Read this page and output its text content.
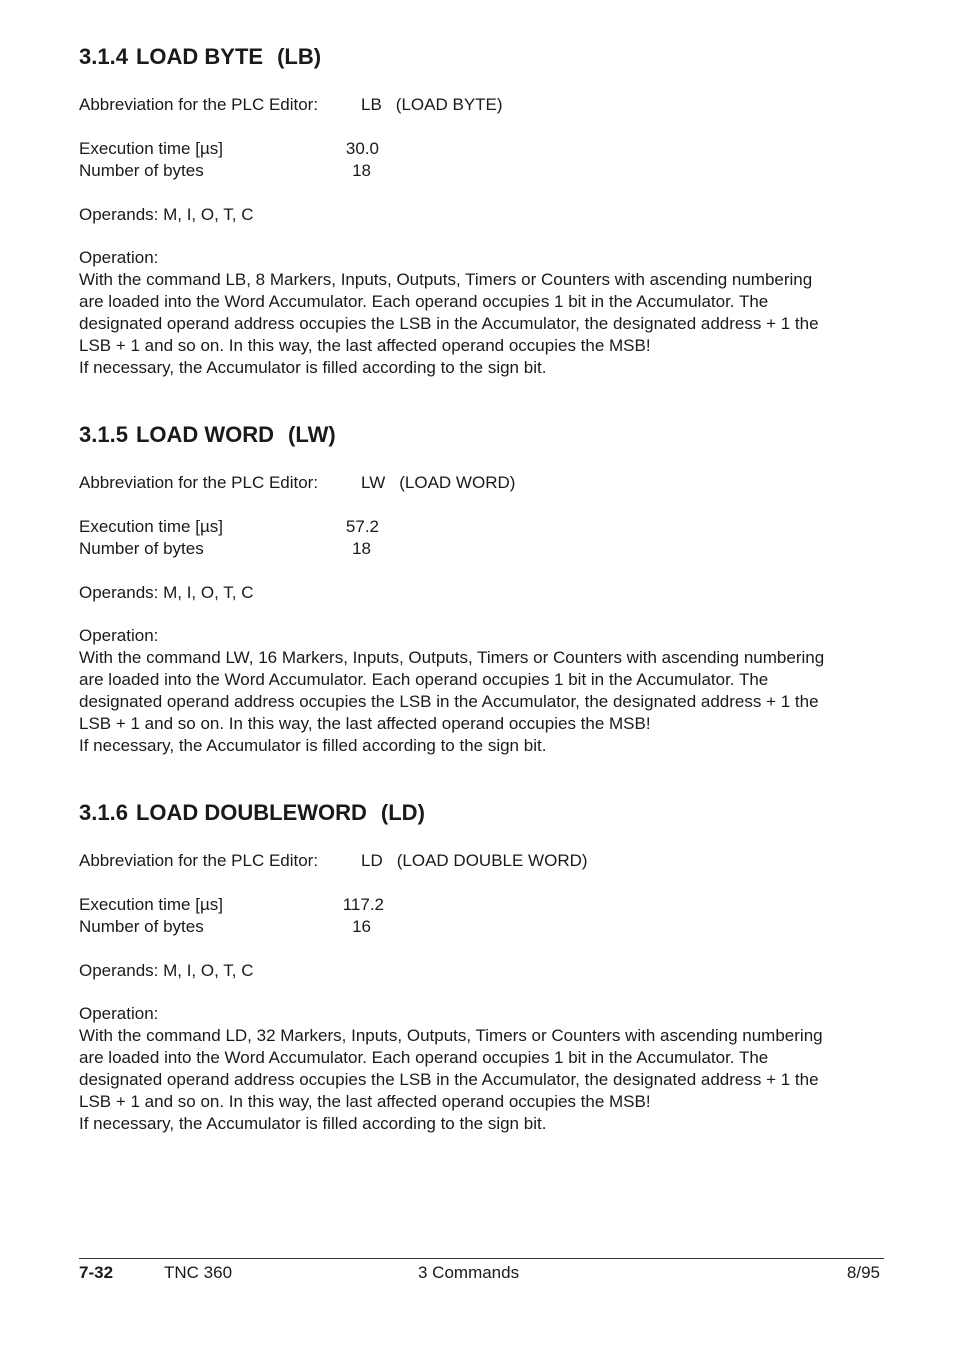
3.1.4 LOAD BYTE (LB)
Abbreviation for the PLC Editor:	LB (LOAD BYTE)
Execution time [µs]	30.0
Number of bytes	18
Operands: M, I, O, T, C
Operation:

With the command LB, 8 Markers, Inputs, Outputs, Timers or Counters with ascending numbering

are loaded into the Word Accumulator. Each operand occupies 1 bit in the Accumulator. The

designated operand address occupies the LSB in the Accumulator, the designated address + 1 the

LSB + 1 and so on. In this way, the last affected operand occupies the MSB!

If necessary, the Accumulator is filled according to the sign bit.

3.1.5 LOAD WORD (LW)
Abbreviation for the PLC Editor:	LW (LOAD WORD)
Execution time [µs]	57.2
Number of bytes	18
Operands: M, I, O, T, C
Operation:

With the command LW, 16 Markers, Inputs, Outputs, Timers or Counters with ascending numbering

are loaded into the Word Accumulator. Each operand occupies 1 bit in the Accumulator. The

designated operand address occupies the LSB in the Accumulator, the designated address + 1 the

LSB + 1 and so on. In this way, the last affected operand occupies the MSB!

If necessary, the Accumulator is filled according to the sign bit.

3.1.6 LOAD DOUBLEWORD (LD)
Abbreviation for the PLC Editor:	LD (LOAD DOUBLE WORD)
Execution time [µs]	117.2
Number of bytes	16
Operands: M, I, O, T, C
Operation:

With the command LD, 32 Markers, Inputs, Outputs, Timers or Counters with ascending numbering

are loaded into the Word Accumulator. Each operand occupies 1 bit in the Accumulator. The

designated operand address occupies the LSB in the Accumulator, the designated address + 1 the

LSB + 1 and so on. In this way, the last affected operand occupies the MSB!

If necessary, the Accumulator is filled according to the sign bit.

7-32	TNC 360	3 Commands	8/95
